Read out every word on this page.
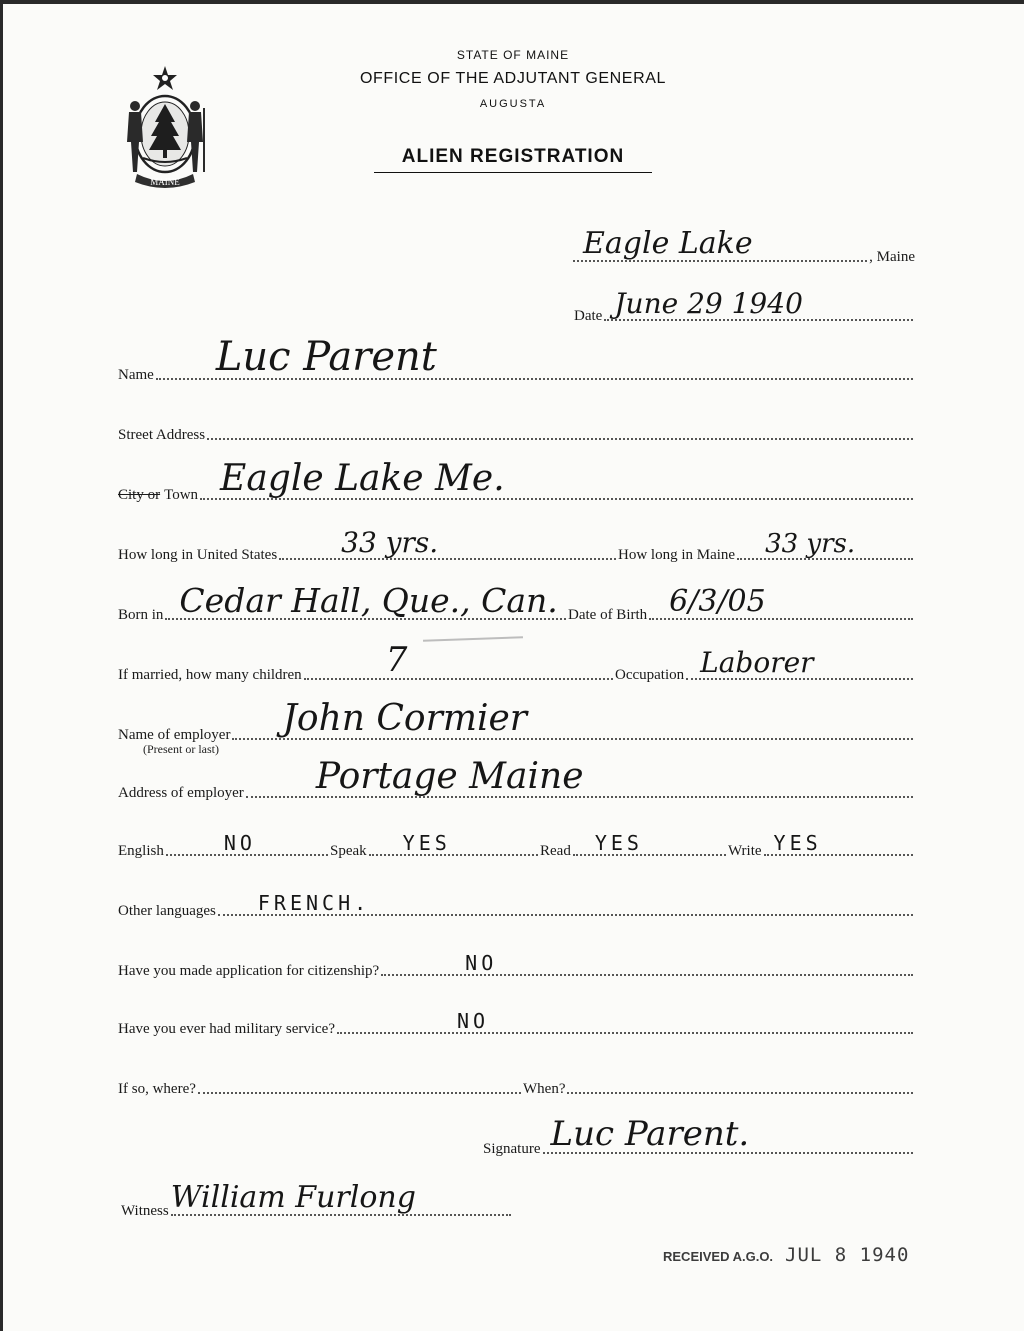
MAINE
STATE OF MAINE
OFFICE OF THE ADJUTANT GENERAL
AUGUSTA
ALIEN REGISTRATION
Eagle Lake	, Maine
Date June 29 1940
Name Luc Parent
Street Address
City or Town Eagle Lake Me.
How long in United States 33 yrs.	How long in Maine 33 yrs.
Born in Cedar Hall, Que., Can. Date of Birth 6/3/05
If married, how many children 7	Occupation Laborer
Name of employer John Cormier
(Present or last)
Address of employer Portage Maine
English	NO	Speak YES	Read YES	Write YES
Other languages FRENCH.
Have you made application for citizenship?	NO
Have you ever had military service?	NO
If so, where?	When?
Signature Luc Parent.
Witness William Furlong
RECEIVED A.G.O. JUL 8 1940
